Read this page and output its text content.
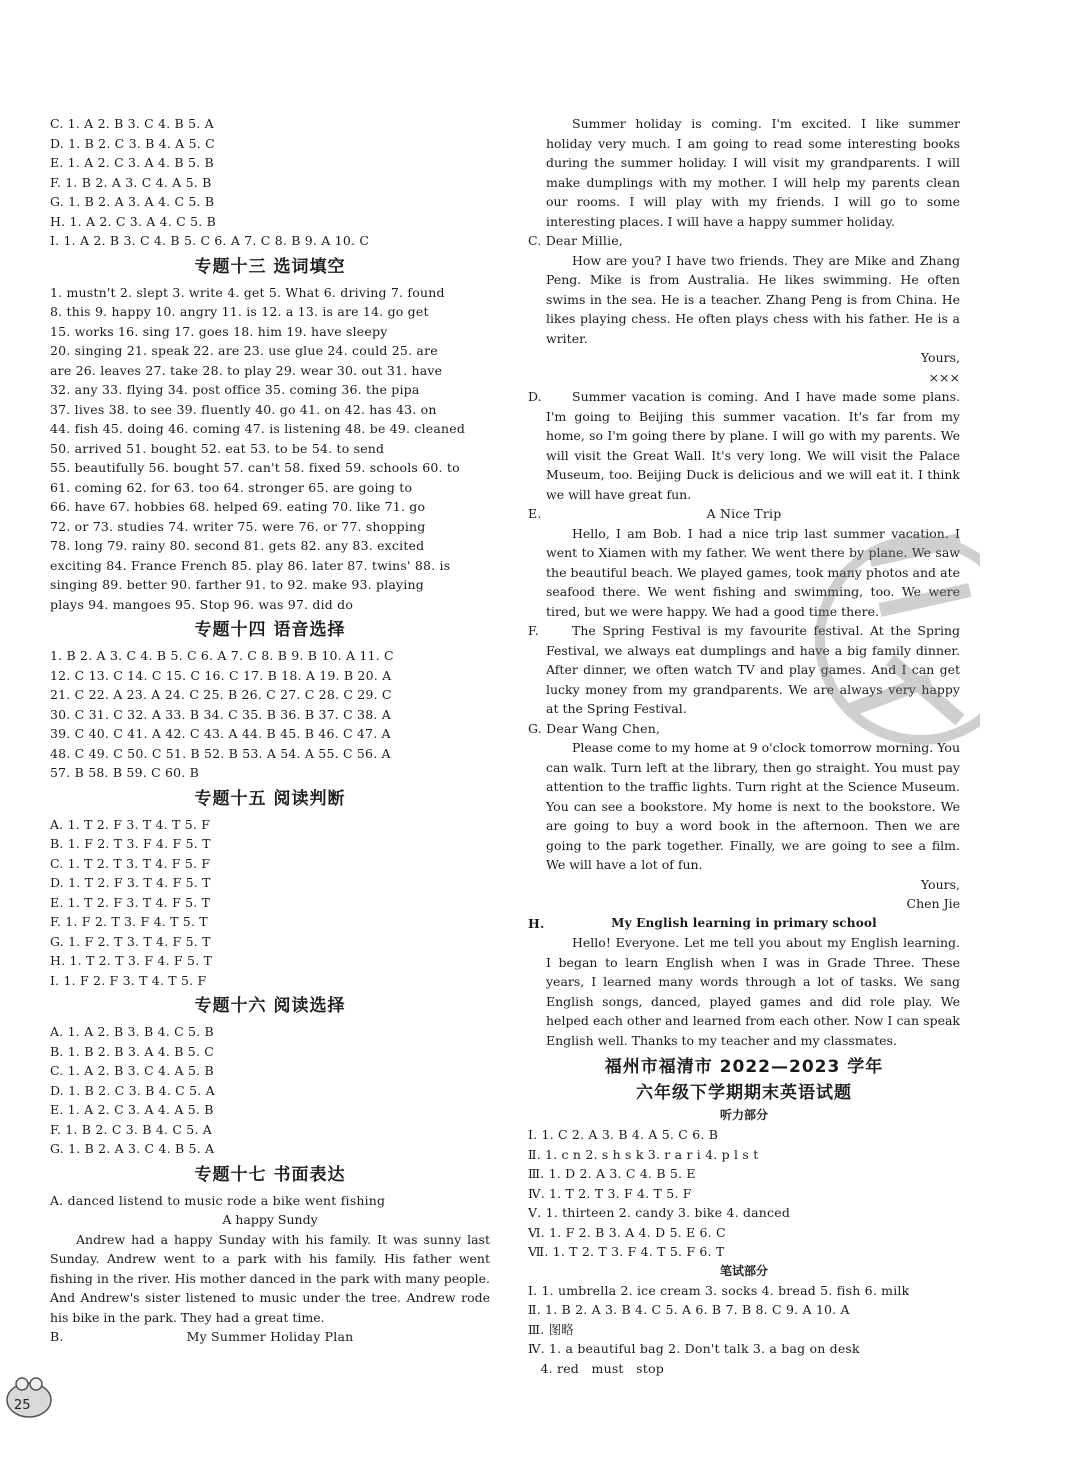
C. 1. A 2. B 3. C 4. B 5. A
D. 1. B 2. C 3. B 4. A 5. C
E. 1. A 2. C 3. A 4. B 5. B
F. 1. B 2. A 3. C 4. A 5. B
G. 1. B 2. A 3. A 4. C 5. B
H. 1. A 2. C 3. A 4. C 5. B
I. 1. A 2. B 3. C 4. B 5. C 6. A 7. C 8. B 9. A 10. C
专题十三 选词填空
1. mustn't 2. slept 3. write 4. get 5. What 6. driving 7. found
8. this 9. happy 10. angry 11. is 12. a 13. is are 14. go get
15. works 16. sing 17. goes 18. him 19. have sleepy
20. singing 21. speak 22. are 23. use glue 24. could 25. are
are 26. leaves 27. take 28. to play 29. wear 30. out 31. have
32. any 33. flying 34. post office 35. coming 36. the pipa
37. lives 38. to see 39. fluently 40. go 41. on 42. has 43. on
44. fish 45. doing 46. coming 47. is listening 48. be 49. cleaned
50. arrived 51. bought 52. eat 53. to be 54. to send
55. beautifully 56. bought 57. can't 58. fixed 59. schools 60. to
61. coming 62. for 63. too 64. stronger 65. are going to
66. have 67. hobbies 68. helped 69. eating 70. like 71. go
72. or 73. studies 74. writer 75. were 76. or 77. shopping
78. long 79. rainy 80. second 81. gets 82. any 83. excited
exciting 84. France French 85. play 86. later 87. twins' 88. is
singing 89. better 90. farther 91. to 92. make 93. playing
plays 94. mangoes 95. Stop 96. was 97. did do
专题十四 语音选择
1. B 2. A 3. C 4. B 5. C 6. A 7. C 8. B 9. B 10. A 11. C
12. C 13. C 14. C 15. C 16. C 17. B 18. A 19. B 20. A
21. C 22. A 23. A 24. C 25. B 26. C 27. C 28. C 29. C
30. C 31. C 32. A 33. B 34. C 35. B 36. B 37. C 38. A
39. C 40. C 41. A 42. C 43. A 44. B 45. B 46. C 47. A
48. C 49. C 50. C 51. B 52. B 53. A 54. A 55. C 56. A
57. B 58. B 59. C 60. B
专题十五 阅读判断
A. 1. T 2. F 3. T 4. T 5. F
B. 1. F 2. T 3. F 4. F 5. T
C. 1. T 2. T 3. T 4. F 5. F
D. 1. T 2. F 3. T 4. F 5. T
E. 1. T 2. F 3. T 4. F 5. T
F. 1. F 2. T 3. F 4. T 5. T
G. 1. F 2. T 3. T 4. F 5. T
H. 1. T 2. T 3. F 4. F 5. T
I. 1. F 2. F 3. T 4. T 5. F
专题十六 阅读选择
A. 1. A 2. B 3. B 4. C 5. B
B. 1. B 2. B 3. A 4. B 5. C
C. 1. A 2. B 3. C 4. A 5. B
D. 1. B 2. C 3. B 4. C 5. A
E. 1. A 2. C 3. A 4. A 5. B
F. 1. B 2. C 3. B 4. C 5. A
G. 1. B 2. A 3. C 4. B 5. A
专题十七 书面表达
A. danced listend to music rode a bike went fishing
A happy Sundy
Andrew had a happy Sunday with his family. It was sunny last Sunday. Andrew went to a park with his family. His father went fishing in the river. His mother danced in the park with many people. And Andrew's sister listened to music under the tree. Andrew rode his bike in the park. They had a great time.
B.	My Summer Holiday Plan
Summer holiday is coming. I'm excited. I like summer holiday very much. I am going to read some interesting books during the summer holiday. I will visit my grandparents. I will make dumplings with my mother. I will help my parents clean our rooms. I will play with my friends. I will go to some interesting places. I will have a happy summer holiday.
C. Dear Millie,
How are you? I have two friends. They are Mike and Zhang Peng. Mike is from Australia. He likes swimming. He often swims in the sea. He is a teacher. Zhang Peng is from China. He likes playing chess. He often plays chess with his father. He is a writer.
Yours,
×××
D.	Summer vacation is coming. And I have made some plans. I'm going to Beijing this summer vacation. It's far from my home, so I'm going there by plane. I will go with my parents. We will visit the Great Wall. It's very long. We will visit the Palace Museum, too. Beijing Duck is delicious and we will eat it. I think we will have great fun.
E.	A Nice Trip
Hello, I am Bob. I had a nice trip last summer vacation. I went to Xiamen with my father. We went there by plane. We saw the beautiful beach. We played games, took many photos and ate seafood there. We went fishing and swimming, too. We were tired, but we were happy. We had a good time there.
F.	The Spring Festival is my favourite festival. At the Spring Festival, we always eat dumplings and have a big family dinner. After dinner, we often watch TV and play games. And I can get lucky money from my grandparents. We are always very happy at the Spring Festival.
G. Dear Wang Chen,
Please come to my home at 9 o'clock tomorrow morning. You can walk. Turn left at the library, then go straight. You must pay attention to the traffic lights. Turn right at the Science Museum. You can see a bookstore. My home is next to the bookstore. We are going to buy a word book in the afternoon. Then we are going to the park together. Finally, we are going to see a film. We will have a lot of fun.
Yours,
Chen Jie
H.	My English learning in primary school
Hello! Everyone. Let me tell you about my English learning. I began to learn English when I was in Grade Three. These years, I learned many words through a lot of tasks. We sang English songs, danced, played games and did role play. We helped each other and learned from each other. Now I can speak English well. Thanks to my teacher and my classmates.
福州市福清市 2022—2023 学年
六年级下学期期末英语试题
听力部分
Ⅰ. 1. C 2. A 3. B 4. A 5. C 6. B
Ⅱ. 1. c n 2. s h s k 3. r a r i 4. p l s t
Ⅲ. 1. D 2. A 3. C 4. B 5. E
Ⅳ. 1. T 2. T 3. F 4. T 5. F
Ⅴ. 1. thirteen 2. candy 3. bike 4. danced
Ⅵ. 1. F 2. B 3. A 4. D 5. E 6. C
Ⅶ. 1. T 2. T 3. F 4. T 5. F 6. T
笔试部分
Ⅰ. 1. umbrella 2. ice cream 3. socks 4. bread 5. fish 6. milk
Ⅱ. 1. B 2. A 3. B 4. C 5. A 6. B 7. B 8. C 9. A 10. A
Ⅲ. 图略
Ⅳ. 1. a beautiful bag 2. Don't talk 3. a bag on desk
4. red   must   stop
25
